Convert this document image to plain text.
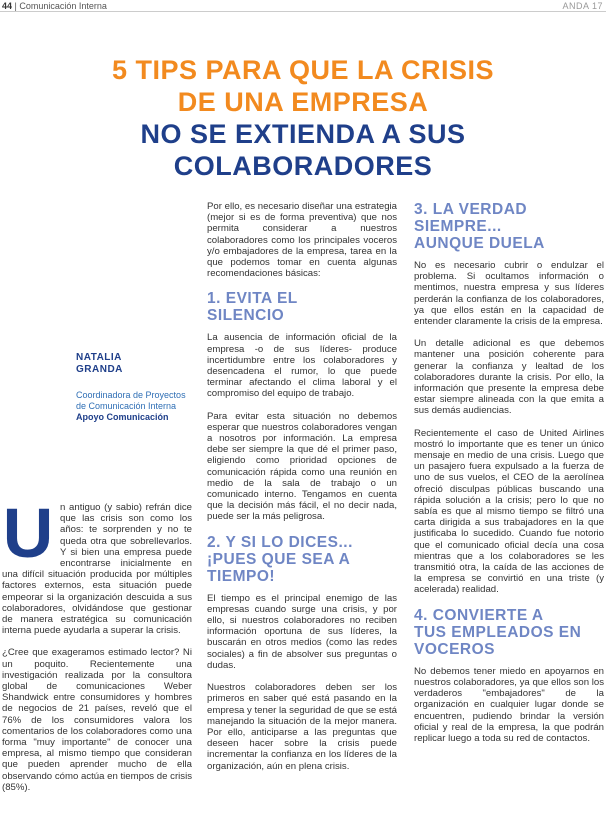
44 | Comunicación Interna	ANDA 17
5 TIPS PARA QUE LA CRISIS
DE UNA EMPRESA
NO SE EXTIENDA A SUS
COLABORADORES
NATALIA
GRANDA
Coordinadora de Proyectos
de Comunicación Interna
Apoyo Comunicación

U n antiguo (y sabio) refrán dice que las crisis son como los años: te sorprenden y no te queda otra que sobrellevarlos. Y si bien una empresa puede encontrarse inicialmente en una difícil situación producida por múltiples factores externos, esta situación puede empeorar si la organización descuida a sus colaboradores, olvidándose que gestionar de manera estratégica su comunicación interna puede ayudarla a superar la crisis.

¿Cree que exageramos estimado lector? Ni un poquito. Recientemente una investigación realizada por la consultora global de comunicaciones Weber Shandwick entre consumidores y hombres de negocios de 21 países, reveló que el 76% de los consumidores valora los comentarios de los colaboradores como una forma "muy importante" de conocer una empresa, al mismo tiempo que consideran que pueden aprender mucho de ella observando cómo actúa en tiempos de crisis (85%).

Por ello, es necesario diseñar una estrategia (mejor si es de forma preventiva) que nos permita considerar a nuestros colaboradores como los principales voceros y/o embajadores de la empresa, tarea en la que podemos tomar en cuenta algunas recomendaciones básicas:

1. EVITA EL
SILENCIO

La ausencia de información oficial de la empresa -o de sus líderes- produce incertidumbre entre los colaboradores y desencadena el rumor, lo que puede terminar afectando el clima laboral y el compromiso del equipo de trabajo.

Para evitar esta situación no debemos esperar que nuestros colaboradores vengan a nosotros por información. La empresa debe ser siempre la que dé el primer paso, eligiendo como prioridad opciones de comunicación rápida como una reunión en medio de la sala de trabajo o un comunicado interno. Tengamos en cuenta que la decisión más fácil, el no decir nada, puede ser la más peligrosa.

2. Y SI LO DICES...
¡PUES QUE SEA A
TIEMPO!

El tiempo es el principal enemigo de las empresas cuando surge una crisis, y por ello, si nuestros colaboradores no reciben información oportuna de sus líderes, la buscarán en otros medios (como las redes sociales) a fin de absolver sus preguntas o dudas.

Nuestros colaboradores deben ser los primeros en saber qué está pasando en la empresa y tener la seguridad de que se está manejando la situación de la mejor manera. Por ello, anticiparse a las preguntas que deseen hacer sobre la crisis puede incrementar la confianza en los líderes de la organización, aún en plena crisis.

3. LA VERDAD
SIEMPRE...
AUNQUE DUELA

No es necesario cubrir o endulzar el problema. Si ocultamos información o mentimos, nuestra empresa y sus líderes perderán la confianza de los colaboradores, ya que ellos están en la capacidad de entender claramente la crisis de la empresa.

Un detalle adicional es que debemos mantener una posición coherente para generar la confianza y lealtad de los colaboradores durante la crisis. Por ello, la información que presente la empresa debe estar siempre alineada con la que emita a sus demás audiencias.

Recientemente el caso de United Airlines mostró lo importante que es tener un único mensaje en medio de una crisis. Luego que un pasajero fuera expulsado a la fuerza de uno de sus vuelos, el CEO de la aerolínea ofreció disculpas públicas buscando una rápida solución a la crisis; pero lo que no sabía es que al mismo tiempo se filtró una carta dirigida a sus trabajadores en la que justificaba lo sucedido. Cuando fue notorio que el comunicado oficial decía una cosa mientras que a los colaboradores se les transmitió otra, la caída de las acciones de la empresa se convirtió en una triste (y acelerada) realidad.

4. CONVIERTE A
TUS EMPLEADOS EN
VOCEROS

No debemos tener miedo en apoyarnos en nuestros colaboradores, ya que ellos son los verdaderos "embajadores" de la organización en cualquier lugar donde se encuentren, pudiendo brindar la versión oficial y real de la empresa, la que podrán replicar luego a toda su red de contactos.
